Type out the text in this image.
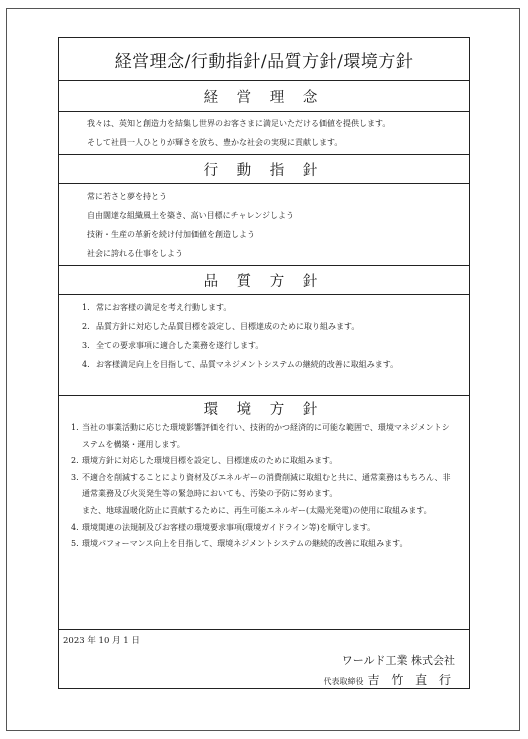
経営理念/行動指針/品質方針/環境方針
経 営 理 念
我々は、英知と創造力を結集し世界のお客さまに満足いただける価値を提供します。
そして社員一人ひとりが輝きを放ち、豊かな社会の実現に貢献します。
行 動 指 針
常に若さと夢を持とう
自由闊達な組織風土を築き、高い目標にチャレンジしよう
技術・生産の革新を続け付加価値を創造しよう
社会に誇れる仕事をしよう
品 質 方 針
1. 常にお客様の満足を考え行動します。
2. 品質方針に対応した品質目標を設定し、目標達成のために取り組みます。
3. 全ての要求事項に適合した業務を遂行します。
4. お客様満足向上を目指して、品質マネジメントシステムの継続的改善に取組みます。
環 境 方 針
1. 当社の事業活動に応じた環境影響評価を行い、技術的かつ経済的に可能な範囲で、環境マネジメントシステムを構築・運用します。
2. 環境方針に対応した環境目標を設定し、目標達成のために取組みます。
3. 不適合を削減することにより資材及びエネルギーの消費削減に取組むと共に、通常業務はもちろん、非通常業務及び火災発生等の緊急時においても、汚染の予防に努めます。
また、地球温暖化防止に貢献するために、再生可能エネルギー(太陽光発電)の使用に取組みます。
4. 環境関連の法規制及びお客様の環境要求事項(環境ガイドライン等)を順守します。
5. 環境パフォーマンス向上を目指して、環境ネジメントシステムの継続的改善に取組みます。
2023 年 10 月 1 日
ワールド工業 株式会社
代表取締役 吉 竹 直 行
